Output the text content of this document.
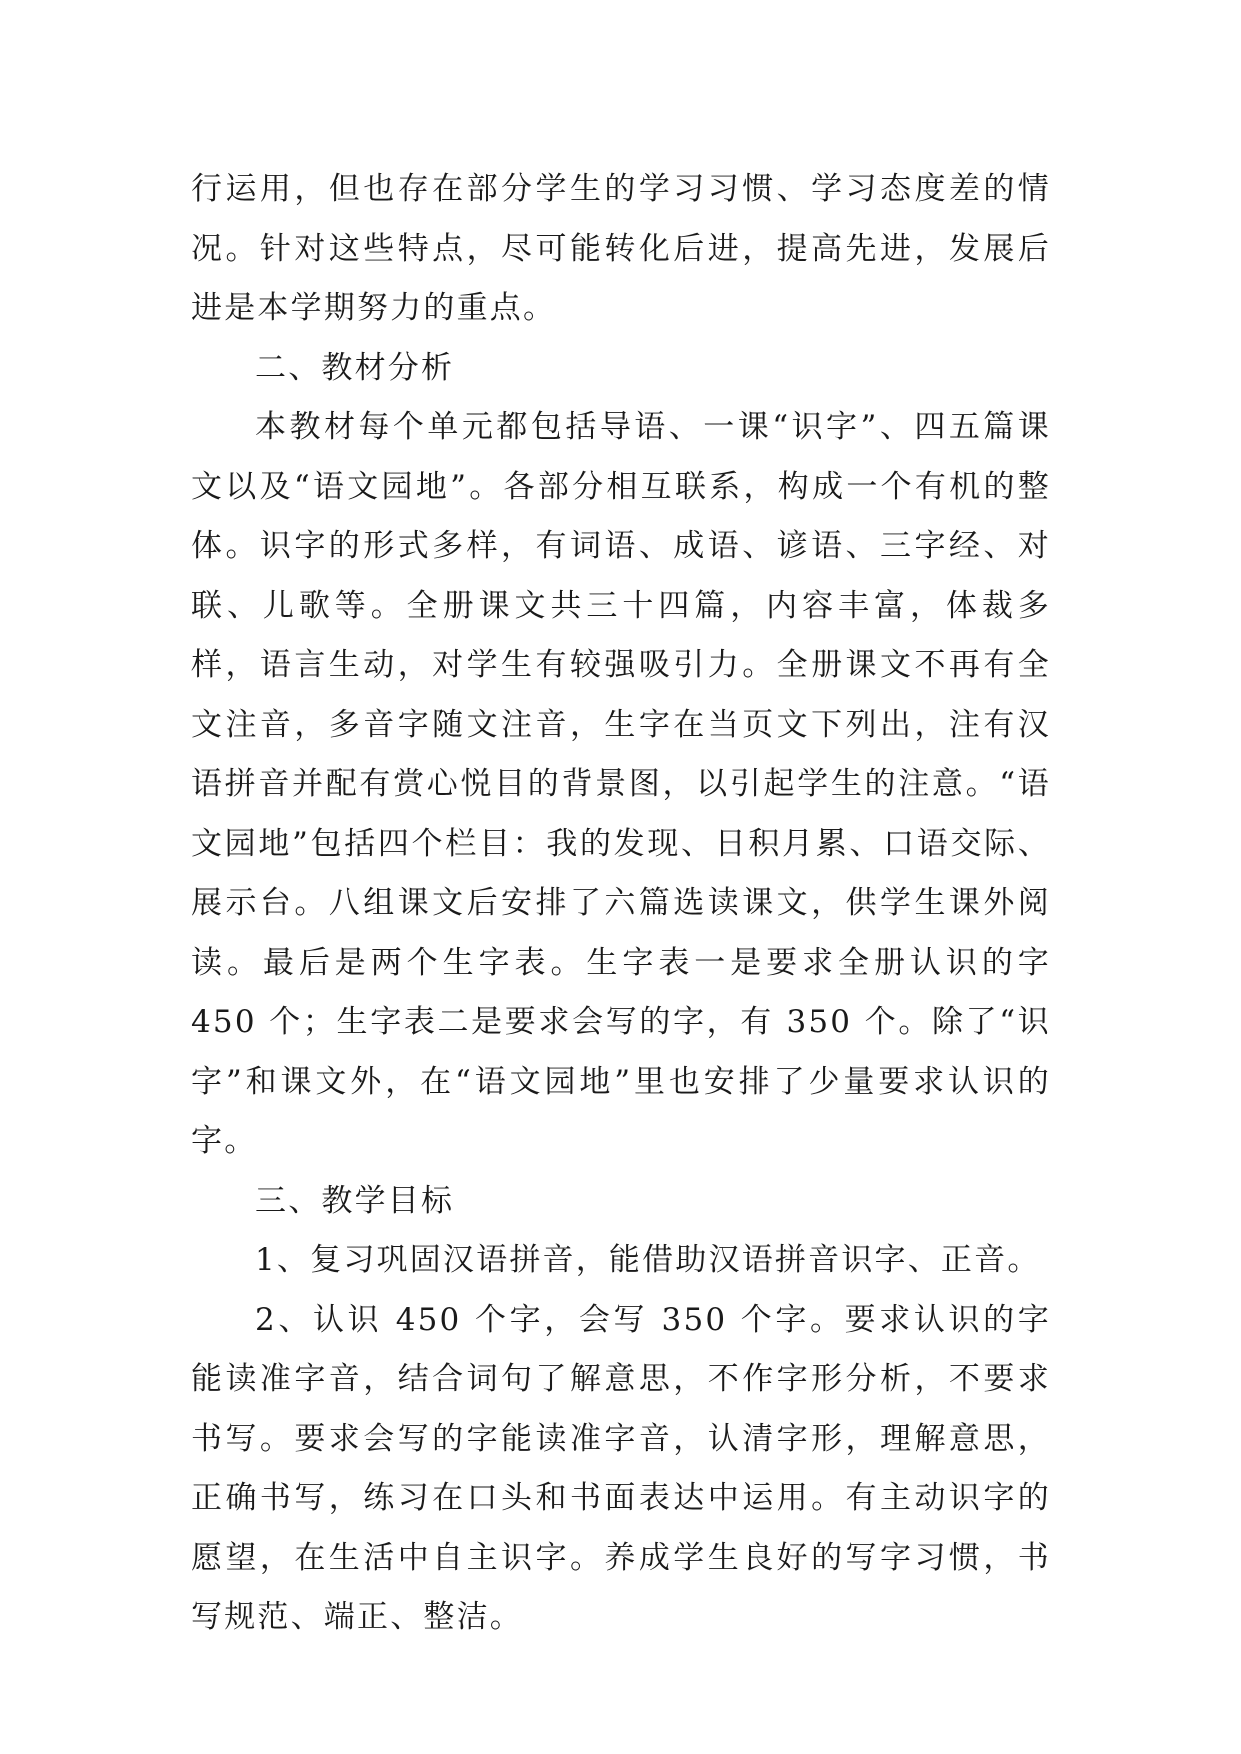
行运用，但也存在部分学生的学习习惯、学习态度差的情况。针对这些特点，尽可能转化后进，提高先进，发展后进是本学期努力的重点。

二、教材分析

本教材每个单元都包括导语、一课“识字”、四五篇课文以及“语文园地”。各部分相互联系，构成一个有机的整体。识字的形式多样，有词语、成语、谚语、三字经、对联、儿歌等。全册课文共三十四篇，内容丰富，体裁多样，语言生动，对学生有较强吸引力。全册课文不再有全文注音，多音字随文注音，生字在当页文下列出，注有汉语拼音并配有赏心悦目的背景图，以引起学生的注意。“语文园地”包括四个栏目：我的发现、日积月累、口语交际、展示台。八组课文后安排了六篇选读课文，供学生课外阅读。最后是两个生字表。生字表一是要求全册认识的字 450 个；生字表二是要求会写的字，有 350 个。除了“识字”和课文外，在“语文园地”里也安排了少量要求认识的字。

三、教学目标

1、复习巩固汉语拼音，能借助汉语拼音识字、正音。

2、认识 450 个字，会写 350 个字。要求认识的字能读准字音，结合词句了解意思，不作字形分析，不要求书写。要求会写的字能读准字音，认清字形，理解意思，正确书写，练习在口头和书面表达中运用。有主动识字的愿望，在生活中自主识字。养成学生良好的写字习惯，书写规范、端正、整洁。
